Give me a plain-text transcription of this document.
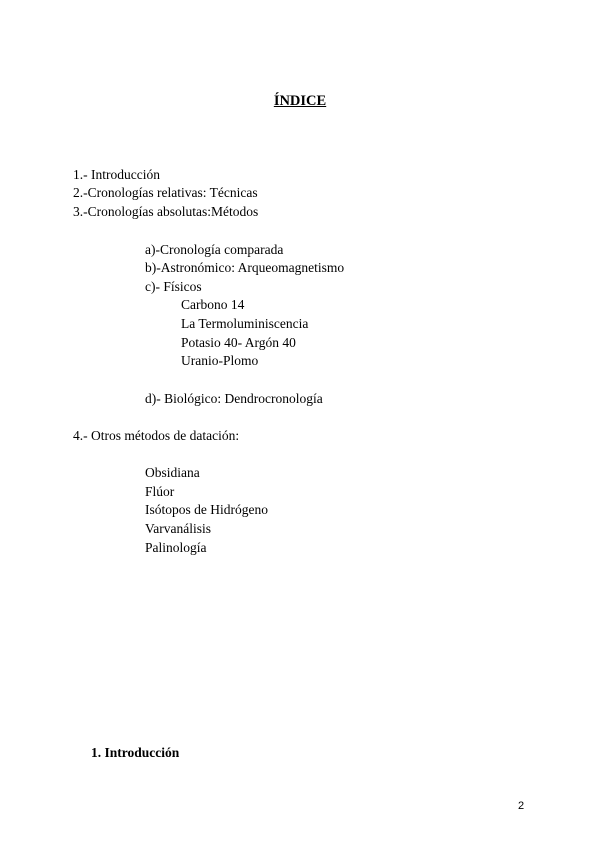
ÍNDICE
1.- Introducción
2.-Cronologías relativas: Técnicas
3.-Cronologías absolutas:Métodos
a)-Cronología comparada
b)-Astronómico: Arqueomagnetismo
c)- Físicos
Carbono 14
La Termoluminiscencia
Potasio 40- Argón 40
Uranio-Plomo
d)- Biológico: Dendrocronología
4.- Otros métodos de datación:
Obsidiana
Flúor
Isótopos de Hidrógeno
Varvanálisis
Palinología
1. Introducción
2
